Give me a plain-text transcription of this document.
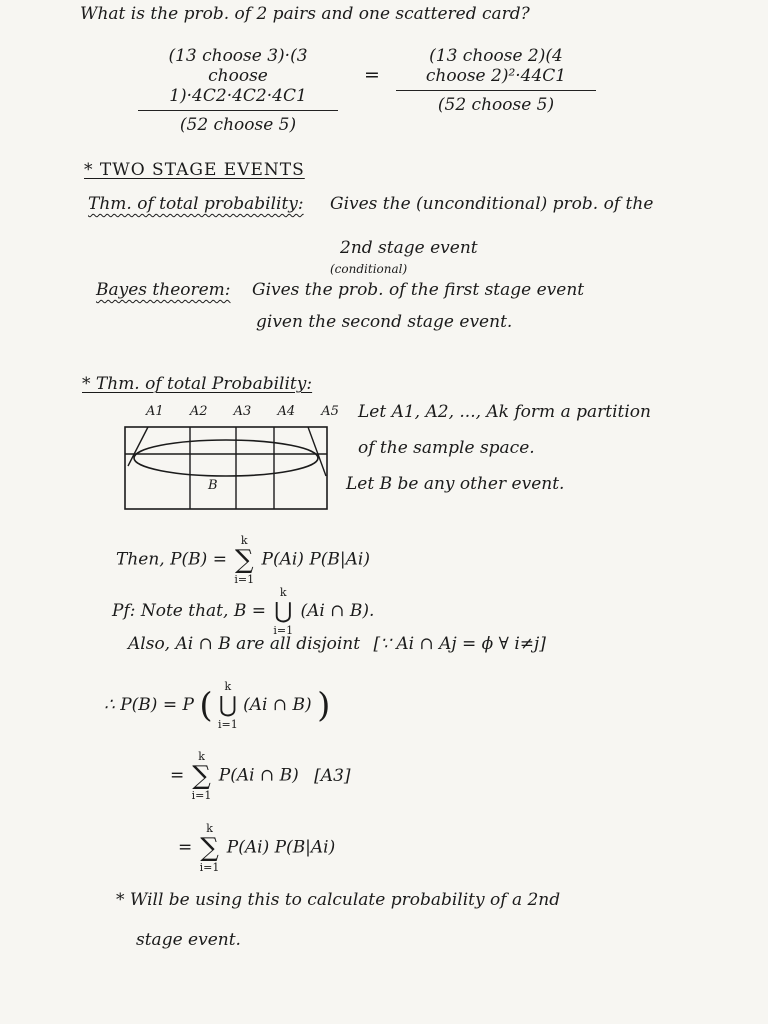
What is the prob. of 2 pairs and one scattered card?
(13 choose 3)·(3 choose 1)·4C2·4C2·4C1
(52 choose 5)
=
(13 choose 2)(4 choose 2)²·44C1
(52 choose 5)
* TWO STAGE EVENTS
Thm. of total probability: Gives the (unconditional) prob. of the
2nd stage event
(conditional)
Bayes theorem: Gives the prob. of the first stage event
given the second stage event.
* Thm. of total Probability:
A1 A2 A3 A4 A5
B
Let A1, A2, ..., Ak form a partition
of the sample space.
Let B be any other event.
Then, P(B) =
k
∑
i=1
P(Ai) P(B|Ai)
Pf: Note that, B =
k
⋃
i=1
(Ai ∩ B).
Also, Ai ∩ B are all disjoint [∵ Ai ∩ Aj = ϕ ∀ i≠j]
∴ P(B) = P (	k
⋃
i=1
(Ai ∩ B) )
=
k
∑
i=1
P(Ai ∩ B) [A3]
=
k
∑
i=1
P(Ai) P(B|Ai)
* Will be using this to calculate probability of a 2nd
stage event.
